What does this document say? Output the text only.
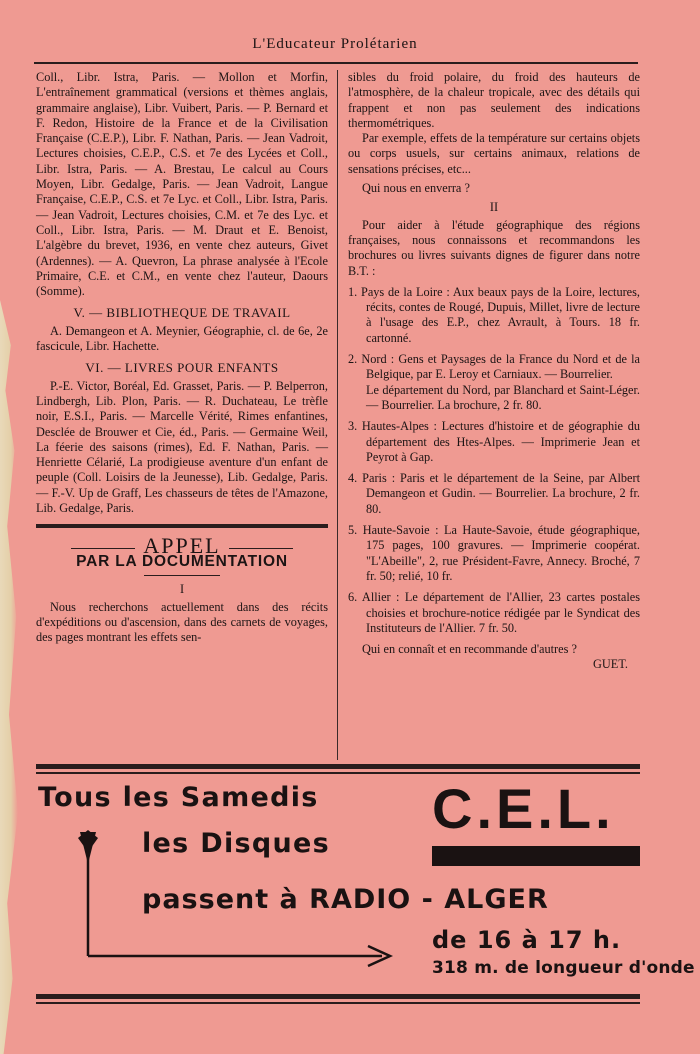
L'Educateur Prolétarien

Coll., Libr. Istra, Paris. — Mollon et Morfin, L'entraînement grammatical (versions et thèmes anglais, grammaire anglaise), Libr. Vuibert, Paris. — P. Bernard et F. Redon, Histoire de la France et de la Civilisation Française (C.E.P.), Libr. F. Nathan, Paris. — Jean Vadroit, Lectures choisies, C.E.P., C.S. et 7e des Lycées et Coll., Libr. Istra, Paris. — A. Brestau, Le calcul au Cours Moyen, Libr. Gedalge, Paris. — Jean Vadroit, Langue Française, C.E.P., C.S. et 7e Lyc. et Coll., Libr. Istra, Paris. — Jean Vadroit, Lectures choisies, C.M. et 7e des Lyc. et Coll., Libr. Istra, Paris. — M. Draut et E. Benoist, L'algèbre du brevet, 1936, en vente chez auteurs, Givet (Ardennes). — A. Quevron, La phrase analysée à l'Ecole Primaire, C.E. et C.M., en vente chez l'auteur, Daours (Somme).

V. — BIBLIOTHEQUE DE TRAVAIL

A. Demangeon et A. Meynier, Géographie, cl. de 6e, 2e fascicule, Libr. Hachette.

VI. — LIVRES POUR ENFANTS

P.-E. Victor, Boréal, Ed. Grasset, Paris. — P. Belperron, Lindbergh, Lib. Plon, Paris. — R. Duchateau, Le trèfle noir, E.S.I., Paris. — Marcelle Vérité, Rimes enfantines, Desclée de Brouwer et Cie, éd., Paris. — Germaine Weil, La féerie des saisons (rimes), Ed. F. Nathan, Paris. — Henriette Célarié, La prodigieuse aventure d'un enfant de peuple (Coll. Loisirs de la Jeunesse), Lib. Gedalge, Paris. — F.-V. Up de Graff, Les chasseurs de têtes de l'Amazone, Lib. Gedalge, Paris.

APPEL

PAR LA DOCUMENTATION

I

Nous recherchons actuellement dans des récits d'expéditions ou d'ascension, dans des carnets de voyages, des pages montrant les effets sen-

sibles du froid polaire, du froid des hauteurs de l'atmosphère, de la chaleur tropicale, avec des détails qui frappent et non pas seulement des indications thermométriques.

Par exemple, effets de la température sur certains objets ou corps usuels, sur certains animaux, relations de sensations précises, etc...

Qui nous en enverra ?

II

Pour aider à l'étude géographique des régions françaises, nous connaissons et recommandons les brochures ou livres suivants dignes de figurer dans notre B.T. :

1. Pays de la Loire : Aux beaux pays de la Loire, lectures, récits, contes de Rougé, Dupuis, Millet, livre de lecture à l'usage des E.P., chez Avrault, à Tours. 18 fr. cartonné.

2. Nord : Gens et Paysages de la France du Nord et de la Belgique, par E. Leroy et Carniaux. — Bourrelier.

Le département du Nord, par Blanchard et Saint-Léger. — Bourrelier. La brochure, 2 fr. 80.

3. Hautes-Alpes : Lectures d'histoire et de géographie du département des Htes-Alpes. — Imprimerie Jean et Peyrot à Gap.

4. Paris : Paris et le département de la Seine, par Albert Demangeon et Gudin. — Bourrelier. La brochure, 2 fr. 80.

5. Haute-Savoie : La Haute-Savoie, étude géographique, 175 pages, 100 gravures. — Imprimerie coopérat. "L'Abeille", 2, rue Président-Favre, Annecy. Broché, 7 fr. 50; relié, 10 fr.

6. Allier : Le département de l'Allier, 23 cartes postales choisies et brochure-notice rédigée par le Syndicat des Instituteurs de l'Allier. 7 fr. 50.

Qui en connaît et en recommande d'autres ?

GUET.

Tous les Samedis
les Disques
C.E.L.
passent à RADIO - ALGER
de 16 à 17 h.
318 m. de longueur d'onde
